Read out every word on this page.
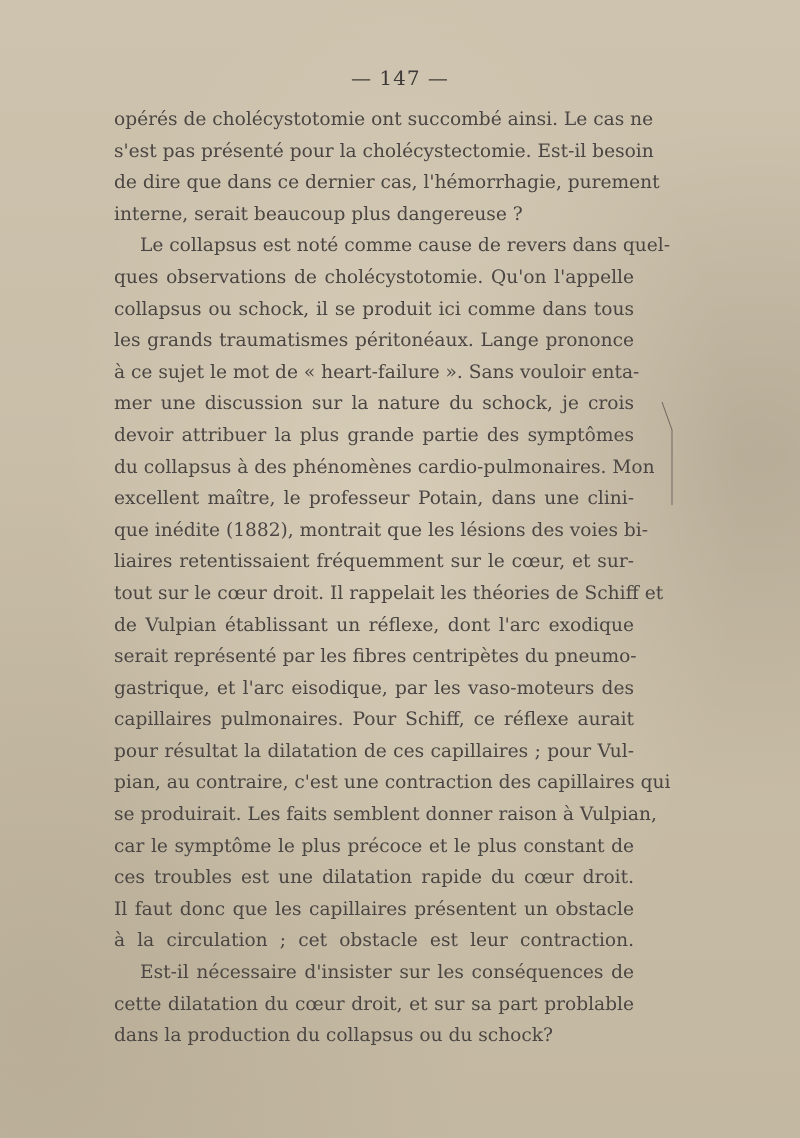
— 147 —
opérés de cholécystotomie ont succombé ainsi. Le cas ne
s'est pas présenté pour la cholécystectomie. Est-il besoin
de dire que dans ce dernier cas, l'hémorrhagie, purement
interne, serait beaucoup plus dangereuse ?
Le collapsus est noté comme cause de revers dans quel-
ques observations de cholécystotomie. Qu'on l'appelle
collapsus ou schock, il se produit ici comme dans tous
les grands traumatismes péritonéaux. Lange prononce
à ce sujet le mot de « heart-failure ». Sans vouloir enta-
mer une discussion sur la nature du schock, je crois
devoir attribuer la plus grande partie des symptômes
du collapsus à des phénomènes cardio-pulmonaires. Mon
excellent maître, le professeur Potain, dans une clini-
que inédite (1882), montrait que les lésions des voies bi-
liaires retentissaient fréquemment sur le cœur, et sur-
tout sur le cœur droit. Il rappelait les théories de Schiff et
de Vulpian établissant un réflexe, dont l'arc exodique
serait représenté par les fibres centripètes du pneumo-
gastrique, et l'arc eisodique, par les vaso-moteurs des
capillaires pulmonaires. Pour Schiff, ce réflexe aurait
pour résultat la dilatation de ces capillaires ; pour Vul-
pian, au contraire, c'est une contraction des capillaires qui
se produirait. Les faits semblent donner raison à Vulpian,
car le symptôme le plus précoce et le plus constant de
ces troubles est une dilatation rapide du cœur droit.
Il faut donc que les capillaires présentent un obstacle
à la circulation ; cet obstacle est leur contraction.
Est-il nécessaire d'insister sur les conséquences de
cette dilatation du cœur droit, et sur sa part problable
dans la production du collapsus ou du schock?
